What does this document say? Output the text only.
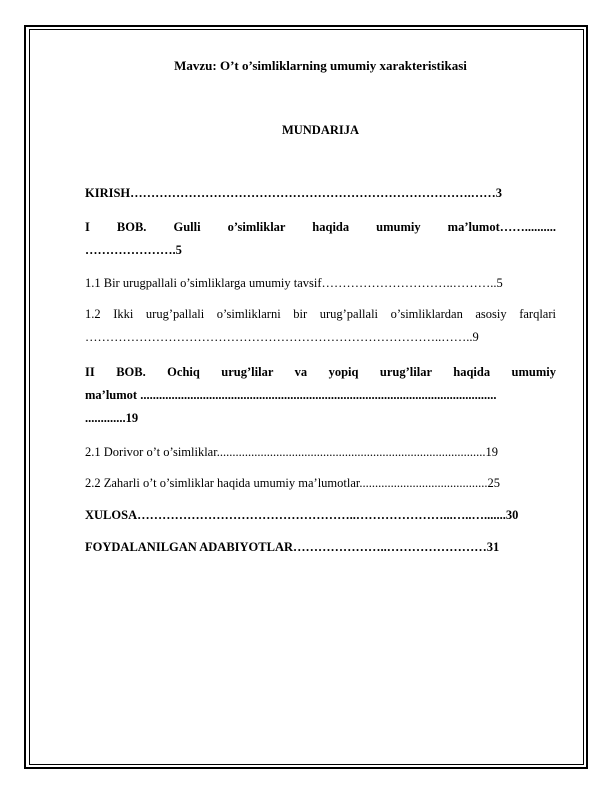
Mavzu: O’t o’simliklarning umumiy xarakteristikasi
MUNDARIJA
KIRISH……………………………………………………………………….……3
I BOB. Gulli o’simliklar haqida umumiy ma’lumot……..........
………………….5
1.1 Bir urugpallali o’simliklarga umumiy tavsif…………………………..………..5
1.2 Ikki urug’pallali o’simliklarni bir urug’pallali o’simliklardan asosiy farqlari
…………………………………………………………………………..……..9
II BOB. Ochiq urug’lilar va yopiq urug’lilar haqida umumiy
ma’lumot ..................................................................................................................
.............19
2.1 Dorivor o’t o’simliklar......................................................................................19
2.2 Zaharli o’t o’simliklar haqida umumiy ma’lumotlar.........................................25
XULOSA……………………………………………..…………………...…..….......30
FOYDALANILGAN ADABIYOTLAR…………………..……………………31
